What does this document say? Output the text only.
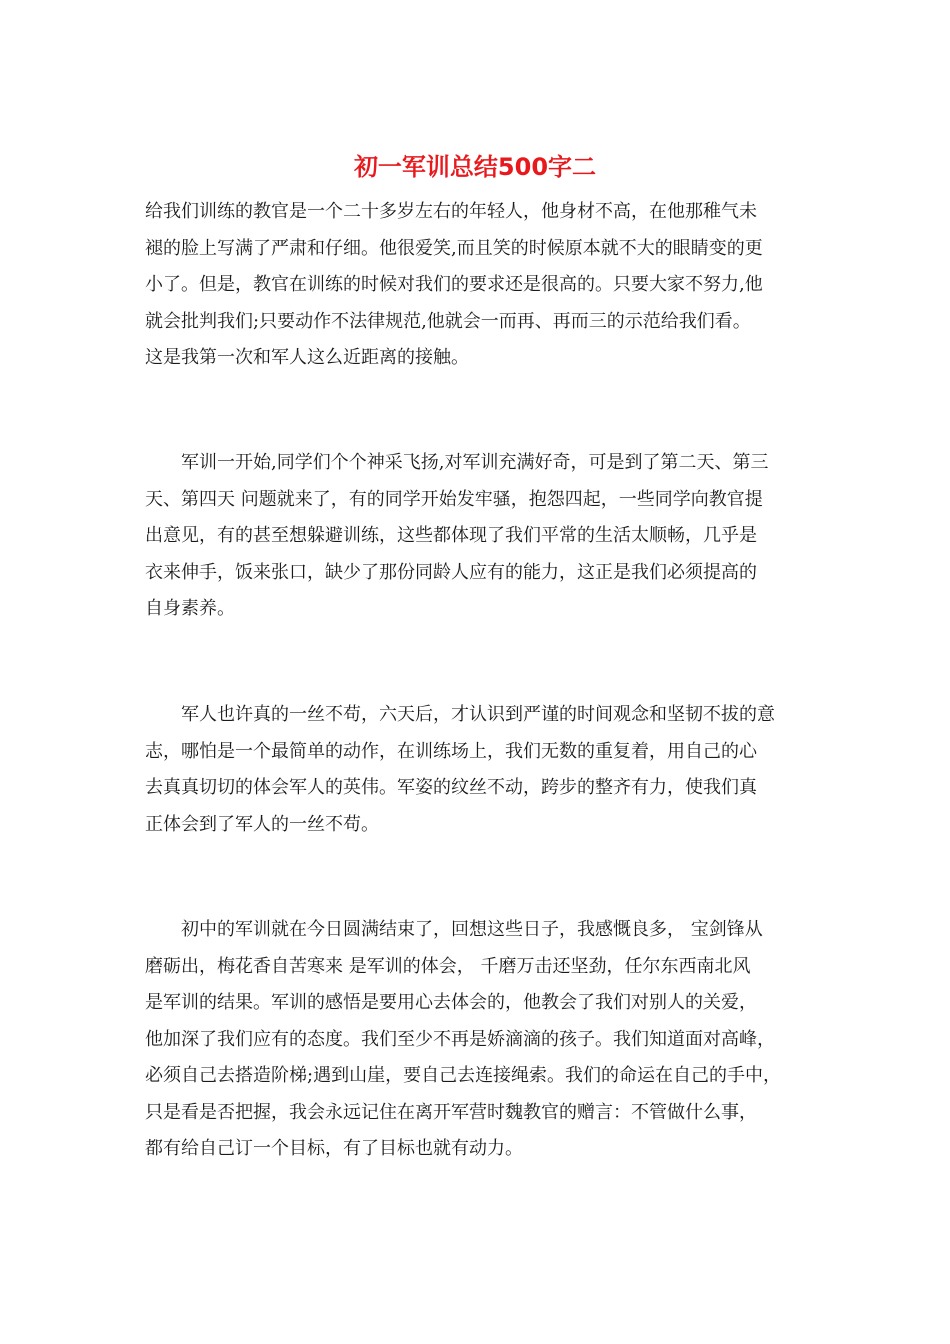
初一军训总结500字二
给我们训练的教官是一个二十多岁左右的年轻人，他身材不高，在他那稚气未
褪的脸上写满了严肃和仔细。他很爱笑,而且笑的时候原本就不大的眼睛变的更
小了。但是，教官在训练的时候对我们的要求还是很高的。只要大家不努力,他
就会批判我们;只要动作不法律规范,他就会一而再、再而三的示范给我们看。
这是我第一次和军人这么近距离的接触。
　　军训一开始,同学们个个神采飞扬,对军训充满好奇，可是到了第二天、第三
天、第四天 问题就来了，有的同学开始发牢骚，抱怨四起，一些同学向教官提
出意见，有的甚至想躲避训练，这些都体现了我们平常的生活太顺畅，几乎是
衣来伸手，饭来张口，缺少了那份同龄人应有的能力，这正是我们必须提高的
自身素养。
　　军人也许真的一丝不苟，六天后，才认识到严谨的时间观念和坚韧不拔的意
志，哪怕是一个最简单的动作，在训练场上，我们无数的重复着，用自己的心
去真真切切的体会军人的英伟。军姿的纹丝不动，跨步的整齐有力，使我们真
正体会到了军人的一丝不苟。
　　初中的军训就在今日圆满结束了，回想这些日子，我感慨良多， 宝剑锋从
磨砺出，梅花香自苦寒来 是军训的体会， 千磨万击还坚劲，任尔东西南北风
是军训的结果。军训的感悟是要用心去体会的，他教会了我们对别人的关爱，
他加深了我们应有的态度。我们至少不再是娇滴滴的孩子。我们知道面对高峰，
必须自己去搭造阶梯;遇到山崖，要自己去连接绳索。我们的命运在自己的手中，
只是看是否把握，我会永远记住在离开军营时魏教官的赠言：不管做什么事，
都有给自己订一个目标，有了目标也就有动力。
